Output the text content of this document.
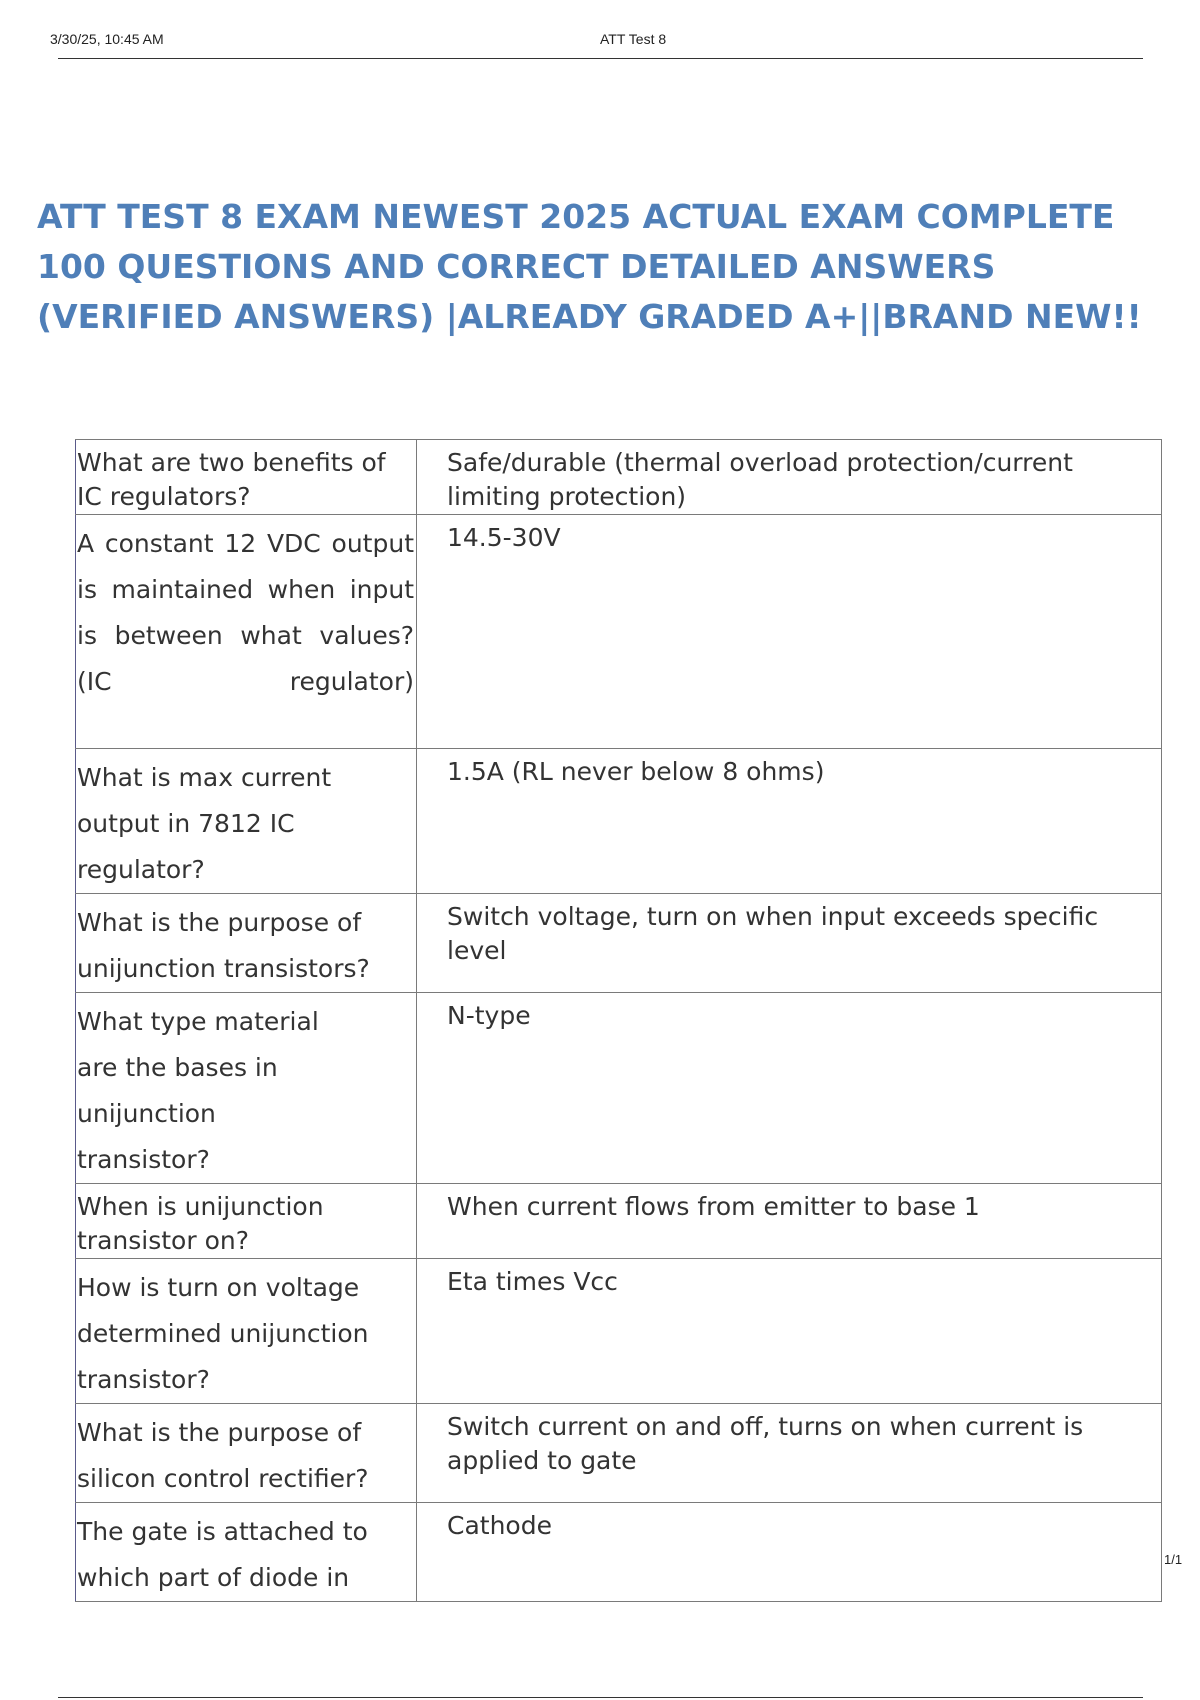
3/30/25, 10:45 AM	ATT Test 8
ATT TEST 8 EXAM NEWEST 2025 ACTUAL EXAM COMPLETE 100 QUESTIONS AND CORRECT DETAILED ANSWERS (VERIFIED ANSWERS) |ALREADY GRADED A+||BRAND NEW!!
What are two benefits of IC regulators?	Safe/durable (thermal overload protection/current limiting protection)
A constant 12 VDC output is maintained when input is between what values? (IC regulator)	14.5-30V
What is max current output in 7812 IC regulator?	1.5A (RL never below 8 ohms)
What is the purpose of unijunction transistors?	Switch voltage, turn on when input exceeds specific level
What type material are the bases in unijunction transistor?	N-type
When is unijunction transistor on?	When current flows from emitter to base 1
How is turn on voltage determined unijunction transistor?	Eta times Vcc
What is the purpose of silicon control rectifier?	Switch current on and off, turns on when current is applied to gate
The gate is attached to which part of diode in	Cathode
1/1
